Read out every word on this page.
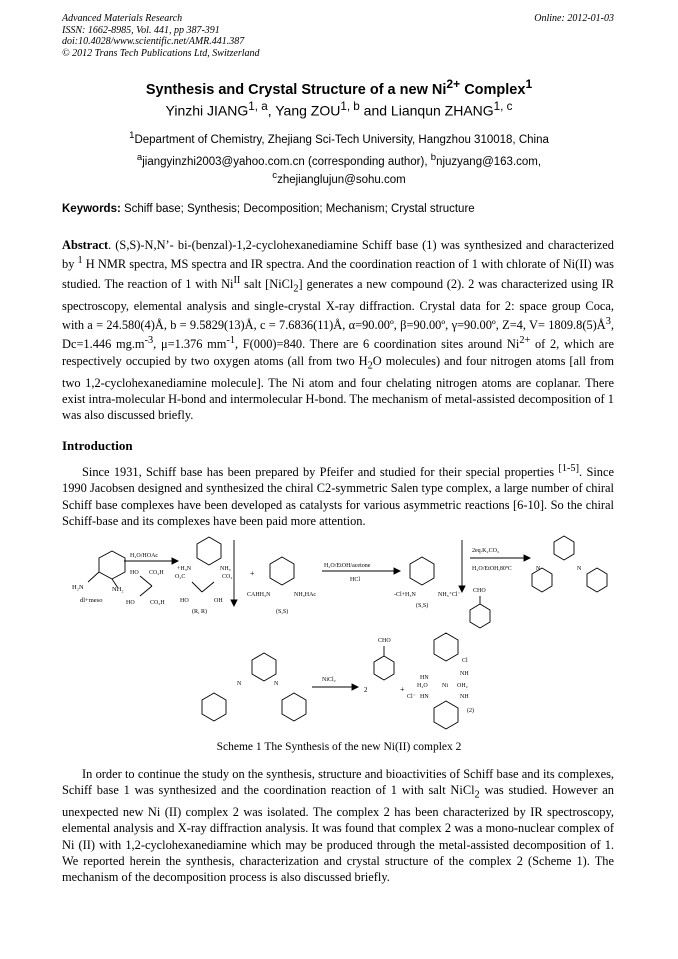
Advanced Materials Research
ISSN: 1662-8985, Vol. 441, pp 387-391
doi:10.4028/www.scientific.net/AMR.441.387
© 2012 Trans Tech Publications Ltd, Switzerland
Online: 2012-01-03
Synthesis and Crystal Structure of a new $Ni^{2+}$ Complex$^1$
Yinzhi JIANG$^{1, a}$, Yang ZOU$^{1, b}$ and Lianqun ZHANG$^{1, c}$
$^1$Department of Chemistry, Zhejiang Sci-Tech University, Hangzhou 310018, China
$^a$jiangyinzhi2003@yahoo.com.cn (corresponding author), $^b$njuzyang@163.com,
$^c$zhejianglujun@sohu.com
Keywords: Schiff base; Synthesis; Decomposition; Mechanism; Crystal structure
Abstract. (S,S)-N,N’- bi-(benzal)-1,2-cyclohexanediamine Schiff base (1) was synthesized and characterized by $^1$ H NMR spectra, MS spectra and IR spectra. And the coordination reaction of 1 with chlorate of Ni(II) was studied. The reaction of 1 with $Ni^{II}$ salt [NiCl$_2$] generates a new compound (2). 2 was characterized using IR spectroscopy, elemental analysis and single-crystal X-ray diffraction. Crystal data for 2: space group Coca, with a = 24.580(4)Å, b = 9.5829(13)Å, c = 7.6836(11)Å, α=90.00º, β=90.00º, γ=90.00º, Z=4, $V= 1809.8(5)Å^3$, Dc=1.446 $mg.m^{-3}$, μ=1.376 $mm^{-1}$, F(000)=840. There are 6 coordination sites around $Ni^{2+}$ of 2, which are respectively occupied by two oxygen atoms (all from two $H_2O$ molecules) and four nitrogen atoms [all from two 1,2-cyclohexanediamine molecule]. The Ni atom and four chelating nitrogen atoms are coplanar. There exist intra-molecular H-bond and intermolecular H-bond. The mechanism of metal-assisted decomposition of 1 was also discussed briefly.
Introduction
Since 1931, Schiff base has been prepared by Pfeifer and studied for their special properties [1-5]. Since 1990 Jacobsen designed and synthesized the chiral C2-symmetric Salen type complex, a large number of chiral Schiff base complexes have been developed as catalysts for various asymmetric reactions [6-10]. So the chiral Schiff-base and its complexes have been paid more attention.
H₂N	NH₂
dl+meso
H₂O/HOAc
HO CO₂H
HO	CO₂H
+H₃N	NH₃
O₂C	CO₂
HO	OH
(R, R)
+
CAHH₃N	NH₃HAc
(S,S)
H₂O/EtOH/acetone
HCl
-Cl+H₃N	NH₃⁺Cl⁻
(S,S)
CHO
2eq.K₂CO₃
H₂O/EtOH,80ºC	N	N
N	N
NiCl₂
2
CHO
+
Cl
HN
NH
H₂O Ni OH₂
Cl⁻ HN	NH
(2)
Scheme 1 The Synthesis of the new Ni(II) complex 2
In order to continue the study on the synthesis, structure and bioactivities of Schiff base and its complexes, Schiff base 1 was synthesized and the coordination reaction of 1 with salt NiCl$_2$ was studied. However an unexpected new Ni (II) complex 2 was isolated. The complex 2 has been characterized by IR spectroscopy, elemental analysis and X-ray diffraction analysis. It was found that complex 2 was a mono-nuclear complex of Ni (II) with 1,2-cyclohexanediamine which may be produced through the metal-assisted decomposition of 1. We reported herein the synthesis, characterization and crystal structure of the complex 2 (Scheme 1). The mechanism of the decomposition process is also discussed briefly.
